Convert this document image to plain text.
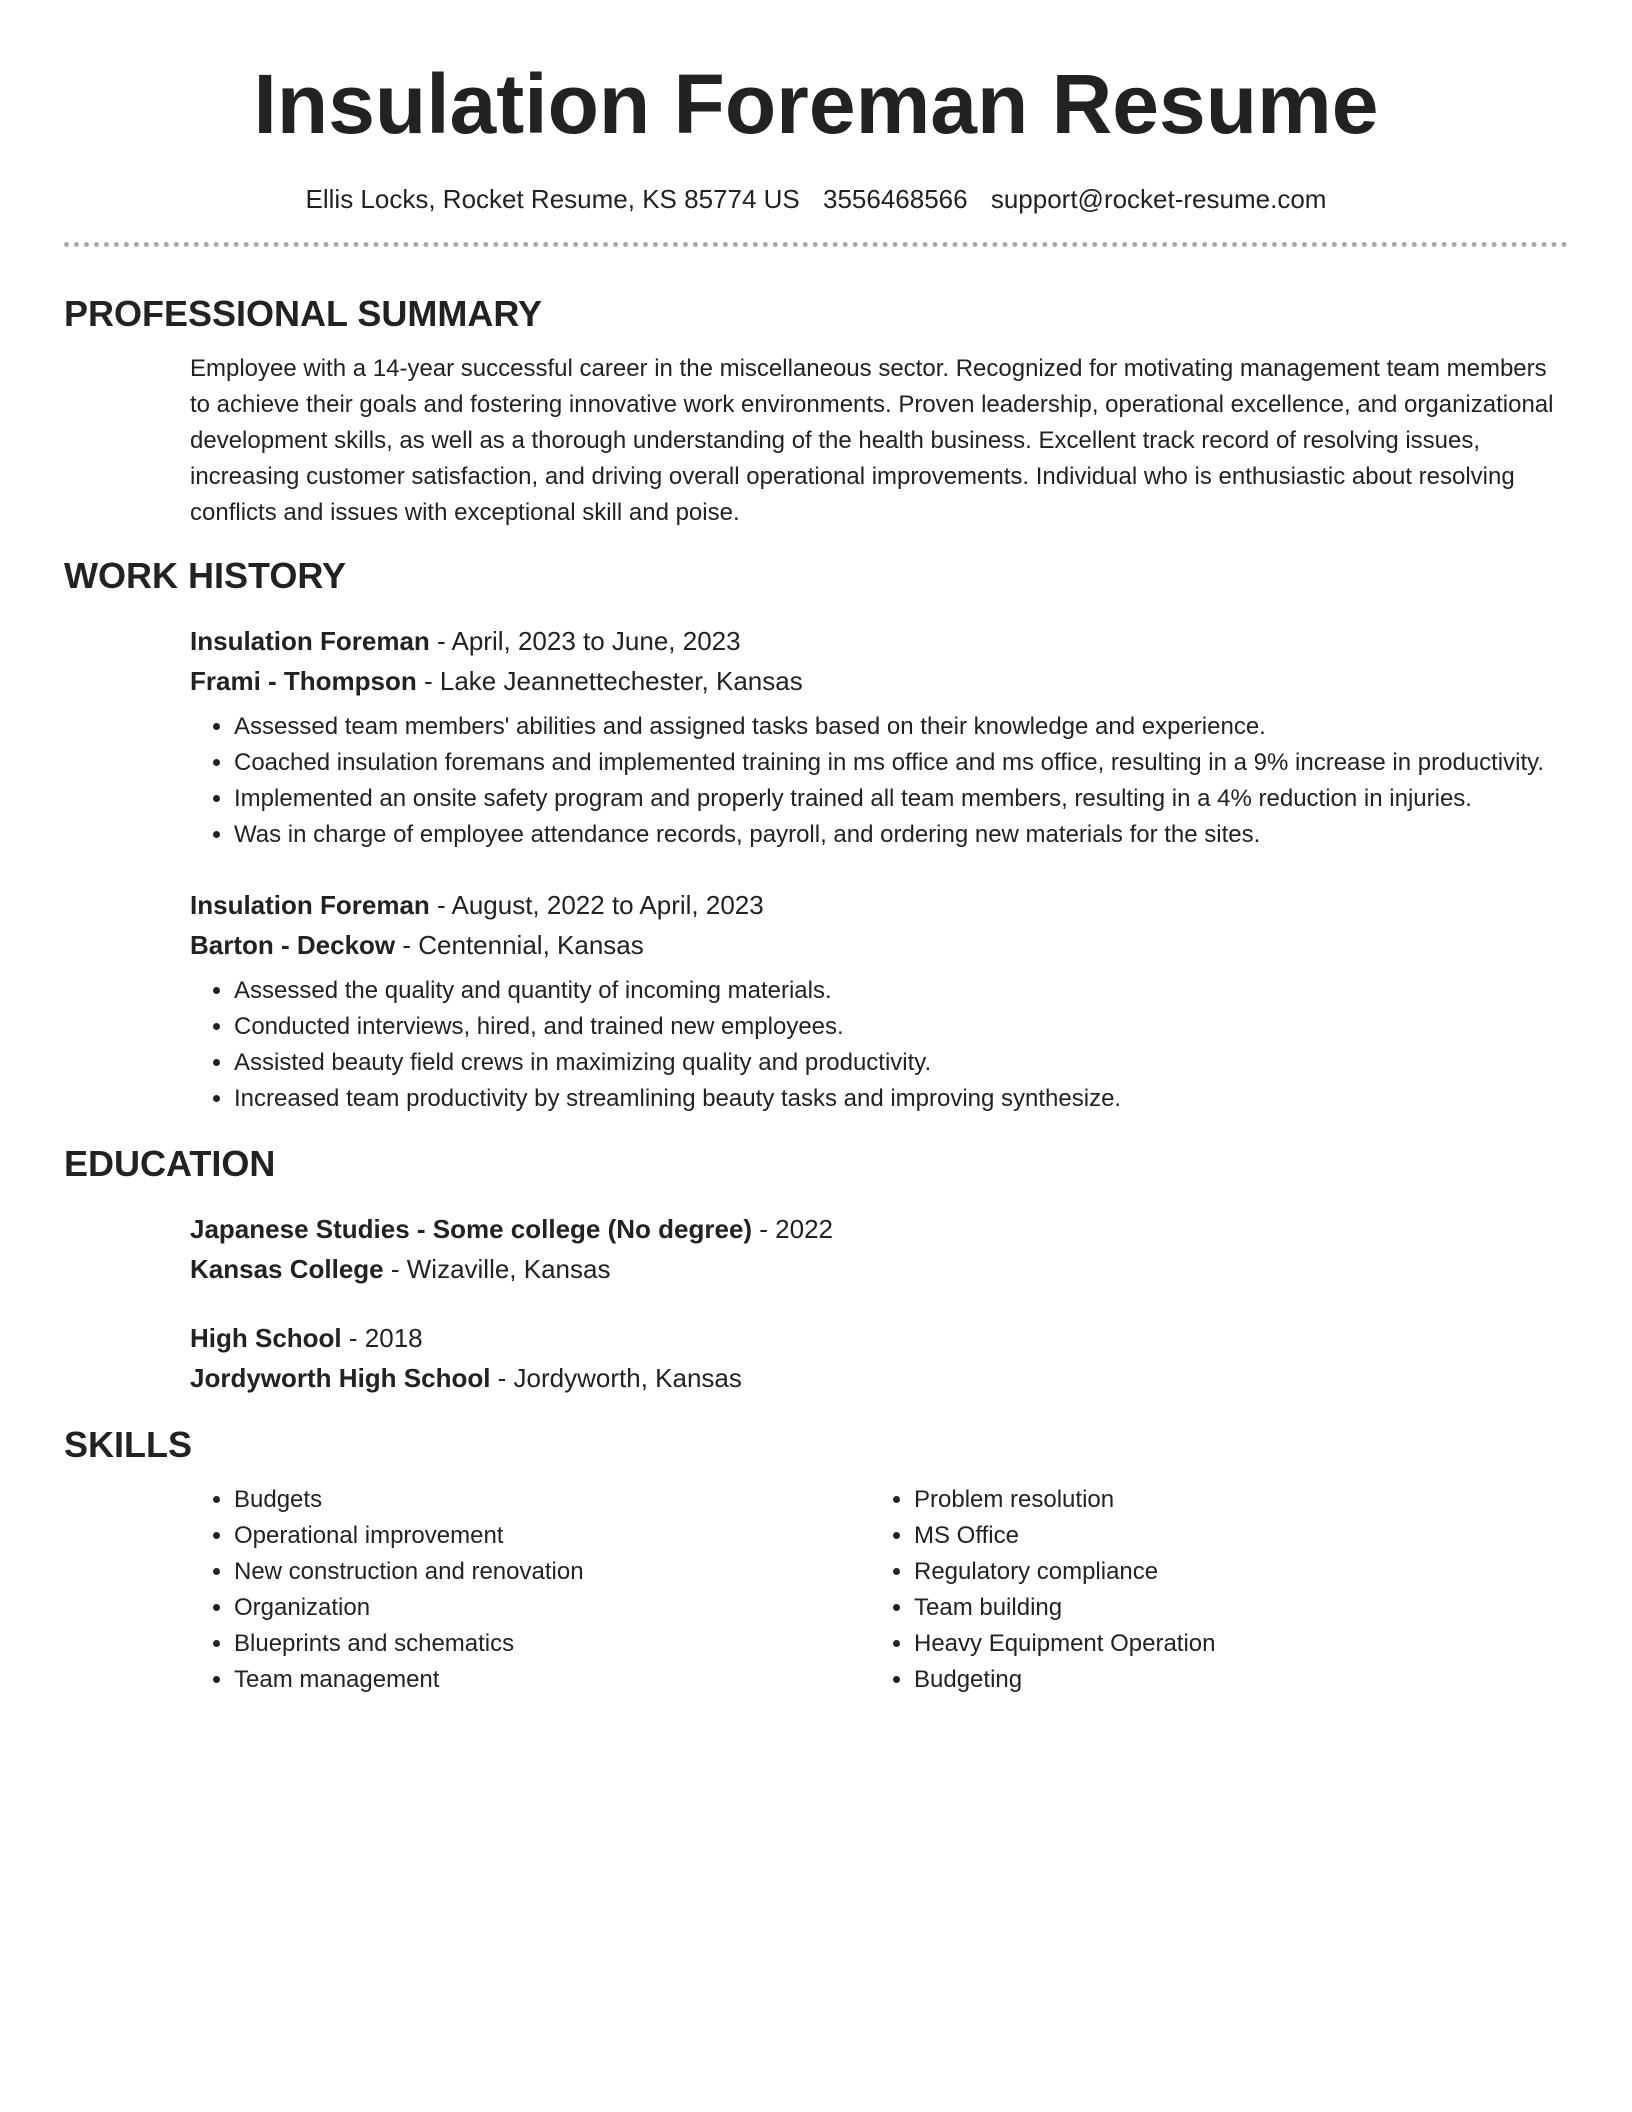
Insulation Foreman Resume
Ellis Locks, Rocket Resume, KS 85774 US 3556468566 support@rocket-resume.com
PROFESSIONAL SUMMARY

Employee with a 14-year successful career in the miscellaneous sector. Recognized for motivating management team members to achieve their goals and fostering innovative work environments. Proven leadership, operational excellence, and organizational development skills, as well as a thorough understanding of the health business. Excellent track record of resolving issues, increasing customer satisfaction, and driving overall operational improvements. Individual who is enthusiastic about resolving conflicts and issues with exceptional skill and poise.

WORK HISTORY
Insulation Foreman - April, 2023 to June, 2023
Frami - Thompson - Lake Jeannettechester, Kansas
• Assessed team members' abilities and assigned tasks based on their knowledge and experience.
• Coached insulation foremans and implemented training in ms office and ms office, resulting in a 9% increase in productivity.
• Implemented an onsite safety program and properly trained all team members, resulting in a 4% reduction in injuries.
• Was in charge of employee attendance records, payroll, and ordering new materials for the sites.
Insulation Foreman - August, 2022 to April, 2023
Barton - Deckow - Centennial, Kansas
• Assessed the quality and quantity of incoming materials.
• Conducted interviews, hired, and trained new employees.
• Assisted beauty field crews in maximizing quality and productivity.
• Increased team productivity by streamlining beauty tasks and improving synthesize.
EDUCATION
Japanese Studies - Some college (No degree) - 2022
Kansas College - Wizaville, Kansas
High School - 2018
Jordyworth High School - Jordyworth, Kansas
SKILLS
• Budgets
• Operational improvement
• New construction and renovation
• Organization
• Blueprints and schematics
• Team management
• Problem resolution
• MS Office
• Regulatory compliance
• Team building
• Heavy Equipment Operation
• Budgeting
